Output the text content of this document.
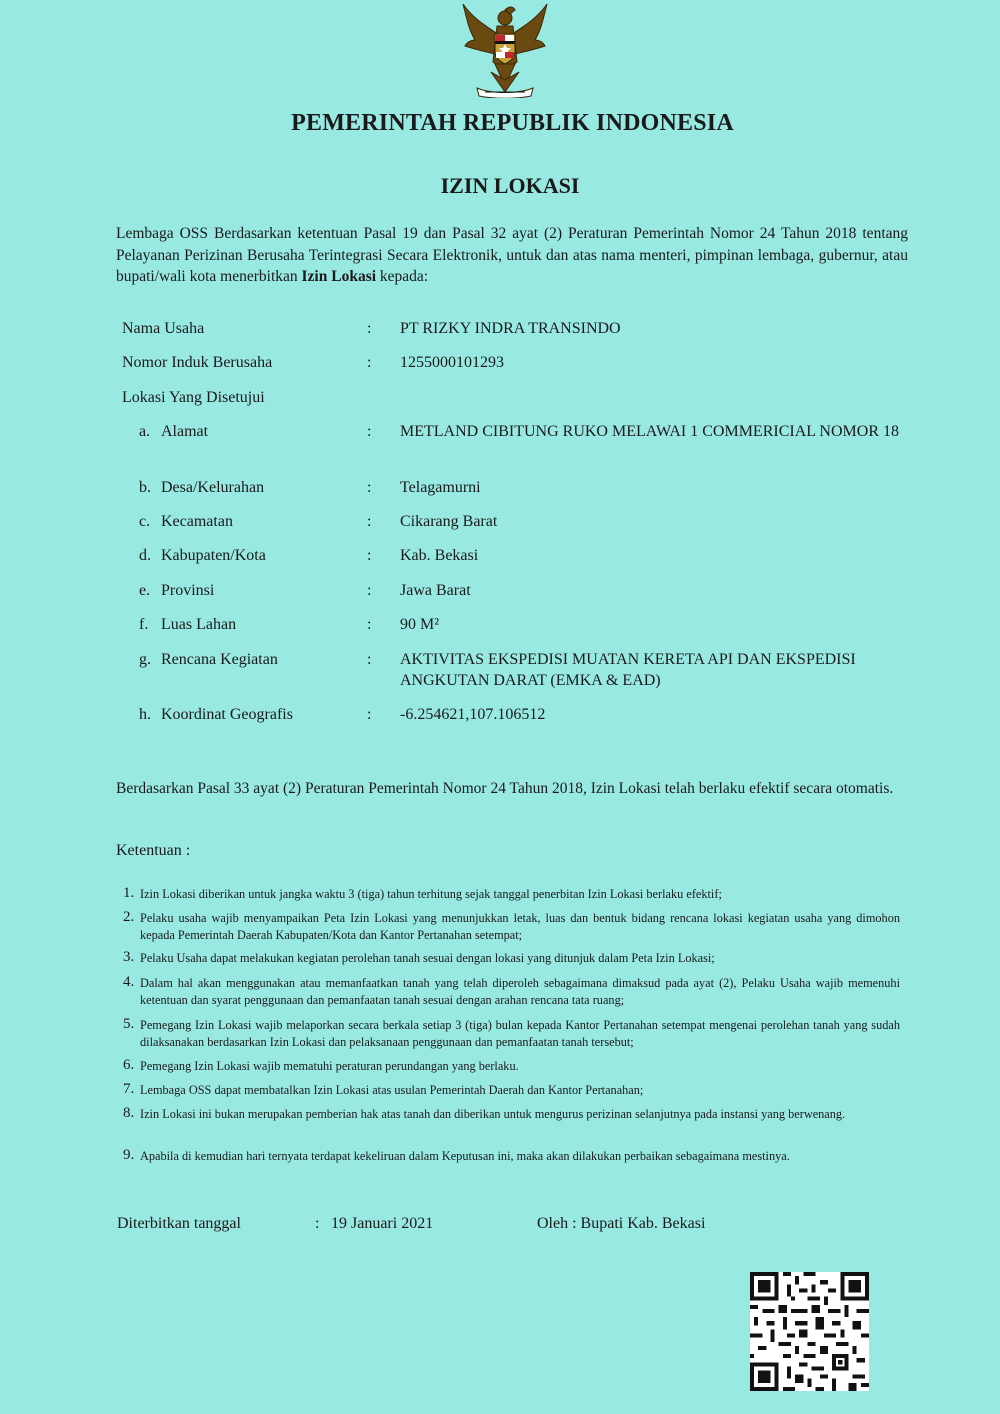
PEMERINTAH REPUBLIK INDONESIA
IZIN LOKASI
Lembaga OSS Berdasarkan ketentuan Pasal 19 dan Pasal 32 ayat (2) Peraturan Pemerintah Nomor 24 Tahun 2018 tentang Pelayanan Perizinan Berusaha Terintegrasi Secara Elektronik, untuk dan atas nama menteri, pimpinan lembaga, gubernur, atau bupati/wali kota menerbitkan Izin Lokasi kepada:
Nama Usaha	: PT RIZKY INDRA TRANSINDO
Nomor Induk Berusaha	: 1255000101293
Lokasi Yang Disetujui
a. Alamat	: METLAND CIBITUNG RUKO MELAWAI 1 COMMERICIAL NOMOR 18
b. Desa/Kelurahan	: Telagamurni
c. Kecamatan	: Cikarang Barat
d. Kabupaten/Kota	: Kab. Bekasi
e. Provinsi	: Jawa Barat
f. Luas Lahan	: 90 M²
g. Rencana Kegiatan	: AKTIVITAS EKSPEDISI MUATAN KERETA API DAN EKSPEDISI ANGKUTAN DARAT (EMKA & EAD)
h. Koordinat Geografis	: -6.254621,107.106512
Berdasarkan Pasal 33 ayat (2) Peraturan Pemerintah Nomor 24 Tahun 2018, Izin Lokasi telah berlaku efektif secara otomatis.
Ketentuan :
1. Izin Lokasi diberikan untuk jangka waktu 3 (tiga) tahun terhitung sejak tanggal penerbitan Izin Lokasi berlaku efektif;
2. Pelaku usaha wajib menyampaikan Peta Izin Lokasi yang menunjukkan letak, luas dan bentuk bidang rencana lokasi kegiatan usaha yang dimohon kepada Pemerintah Daerah Kabupaten/Kota dan Kantor Pertanahan setempat;
3. Pelaku Usaha dapat melakukan kegiatan perolehan tanah sesuai dengan lokasi yang ditunjuk dalam Peta Izin Lokasi;
4. Dalam hal akan menggunakan atau memanfaatkan tanah yang telah diperoleh sebagaimana dimaksud pada ayat (2), Pelaku Usaha wajib memenuhi ketentuan dan syarat penggunaan dan pemanfaatan tanah sesuai dengan arahan rencana tata ruang;
5. Pemegang Izin Lokasi wajib melaporkan secara berkala setiap 3 (tiga) bulan kepada Kantor Pertanahan setempat mengenai perolehan tanah yang sudah dilaksanakan berdasarkan Izin Lokasi dan pelaksanaan penggunaan dan pemanfaatan tanah tersebut;
6. Pemegang Izin Lokasi wajib mematuhi peraturan perundangan yang berlaku.
7. Lembaga OSS dapat membatalkan Izin Lokasi atas usulan Pemerintah Daerah dan Kantor Pertanahan;
8. Izin Lokasi ini bukan merupakan pemberian hak atas tanah dan diberikan untuk mengurus perizinan selanjutnya pada instansi yang berwenang.
9. Apabila di kemudian hari ternyata terdapat kekeliruan dalam Keputusan ini, maka akan dilakukan perbaikan sebagaimana mestinya.
Diterbitkan tanggal	: 19 Januari 2021	Oleh : Bupati Kab. Bekasi
